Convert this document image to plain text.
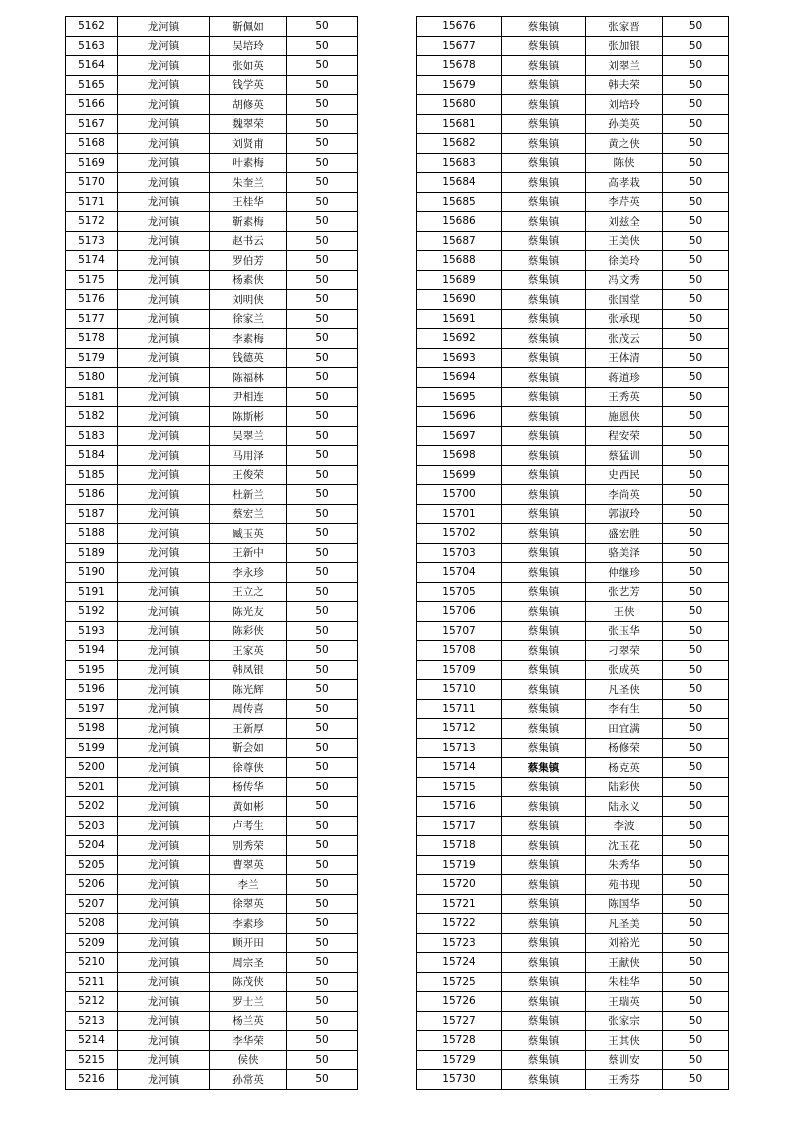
5162	龙河镇	靳佩如	50
5163	龙河镇	吴培玲	50
5164	龙河镇	张如英	50
5165	龙河镇	钱学英	50
5166	龙河镇	胡修英	50
5167	龙河镇	魏翠荣	50
5168	龙河镇	刘贤甫	50
5169	龙河镇	叶素梅	50
5170	龙河镇	朱奎兰	50
5171	龙河镇	王桂华	50
5172	龙河镇	靳素梅	50
5173	龙河镇	赵书云	50
5174	龙河镇	罗伯芳	50
5175	龙河镇	杨素侠	50
5176	龙河镇	刘明侠	50
5177	龙河镇	徐家兰	50
5178	龙河镇	李素梅	50
5179	龙河镇	钱德英	50
5180	龙河镇	陈福林	50
5181	龙河镇	尹相连	50
5182	龙河镇	陈斯彬	50
5183	龙河镇	吴翠兰	50
5184	龙河镇	马用泽	50
5185	龙河镇	王俊荣	50
5186	龙河镇	杜新兰	50
5187	龙河镇	蔡宏兰	50
5188	龙河镇	臧玉英	50
5189	龙河镇	王新中	50
5190	龙河镇	李永珍	50
5191	龙河镇	王立之	50
5192	龙河镇	陈光友	50
5193	龙河镇	陈彩侠	50
5194	龙河镇	王家英	50
5195	龙河镇	韩凤银	50
5196	龙河镇	陈光辉	50
5197	龙河镇	周传喜	50
5198	龙河镇	王新厚	50
5199	龙河镇	靳会如	50
5200	龙河镇	徐尊侠	50
5201	龙河镇	杨传华	50
5202	龙河镇	黄如彬	50
5203	龙河镇	卢考生	50
5204	龙河镇	别秀荣	50
5205	龙河镇	曹翠英	50
5206	龙河镇	李兰	50
5207	龙河镇	徐翠英	50
5208	龙河镇	李素珍	50
5209	龙河镇	顾开田	50
5210	龙河镇	周宗圣	50
5211	龙河镇	陈茂侠	50
5212	龙河镇	罗士兰	50
5213	龙河镇	杨兰英	50
5214	龙河镇	李华荣	50
5215	龙河镇	侯侠	50
5216	龙河镇	孙常英	50
15676	蔡集镇	张家晋	50
15677	蔡集镇	张加银	50
15678	蔡集镇	刘翠兰	50
15679	蔡集镇	韩夫荣	50
15680	蔡集镇	刘培玲	50
15681	蔡集镇	孙美英	50
15682	蔡集镇	黄之侠	50
15683	蔡集镇	陈侠	50
15684	蔡集镇	高孝栽	50
15685	蔡集镇	李芹英	50
15686	蔡集镇	刘兹全	50
15687	蔡集镇	王美侠	50
15688	蔡集镇	徐美玲	50
15689	蔡集镇	冯文秀	50
15690	蔡集镇	张国堂	50
15691	蔡集镇	张承现	50
15692	蔡集镇	张茂云	50
15693	蔡集镇	王体清	50
15694	蔡集镇	蒋道珍	50
15695	蔡集镇	王秀英	50
15696	蔡集镇	施恩侠	50
15697	蔡集镇	程安荣	50
15698	蔡集镇	蔡猛训	50
15699	蔡集镇	史西民	50
15700	蔡集镇	李尚英	50
15701	蔡集镇	郭淑玲	50
15702	蔡集镇	盛宏胜	50
15703	蔡集镇	骆美泽	50
15704	蔡集镇	仲继珍	50
15705	蔡集镇	张艺芳	50
15706	蔡集镇	王侠	50
15707	蔡集镇	张玉华	50
15708	蔡集镇	刁翠荣	50
15709	蔡集镇	张成英	50
15710	蔡集镇	凡圣侠	50
15711	蔡集镇	李有生	50
15712	蔡集镇	田宜满	50
15713	蔡集镇	杨修荣	50
15714	蔡集镇	杨克英	50
15715	蔡集镇	陆彩侠	50
15716	蔡集镇	陆永义	50
15717	蔡集镇	李波	50
15718	蔡集镇	沈玉花	50
15719	蔡集镇	朱秀华	50
15720	蔡集镇	苑书现	50
15721	蔡集镇	陈国华	50
15722	蔡集镇	凡圣美	50
15723	蔡集镇	刘裕光	50
15724	蔡集镇	王献侠	50
15725	蔡集镇	朱桂华	50
15726	蔡集镇	王瑞英	50
15727	蔡集镇	张家宗	50
15728	蔡集镇	王其侠	50
15729	蔡集镇	蔡训安	50
15730	蔡集镇	王秀芬	50
